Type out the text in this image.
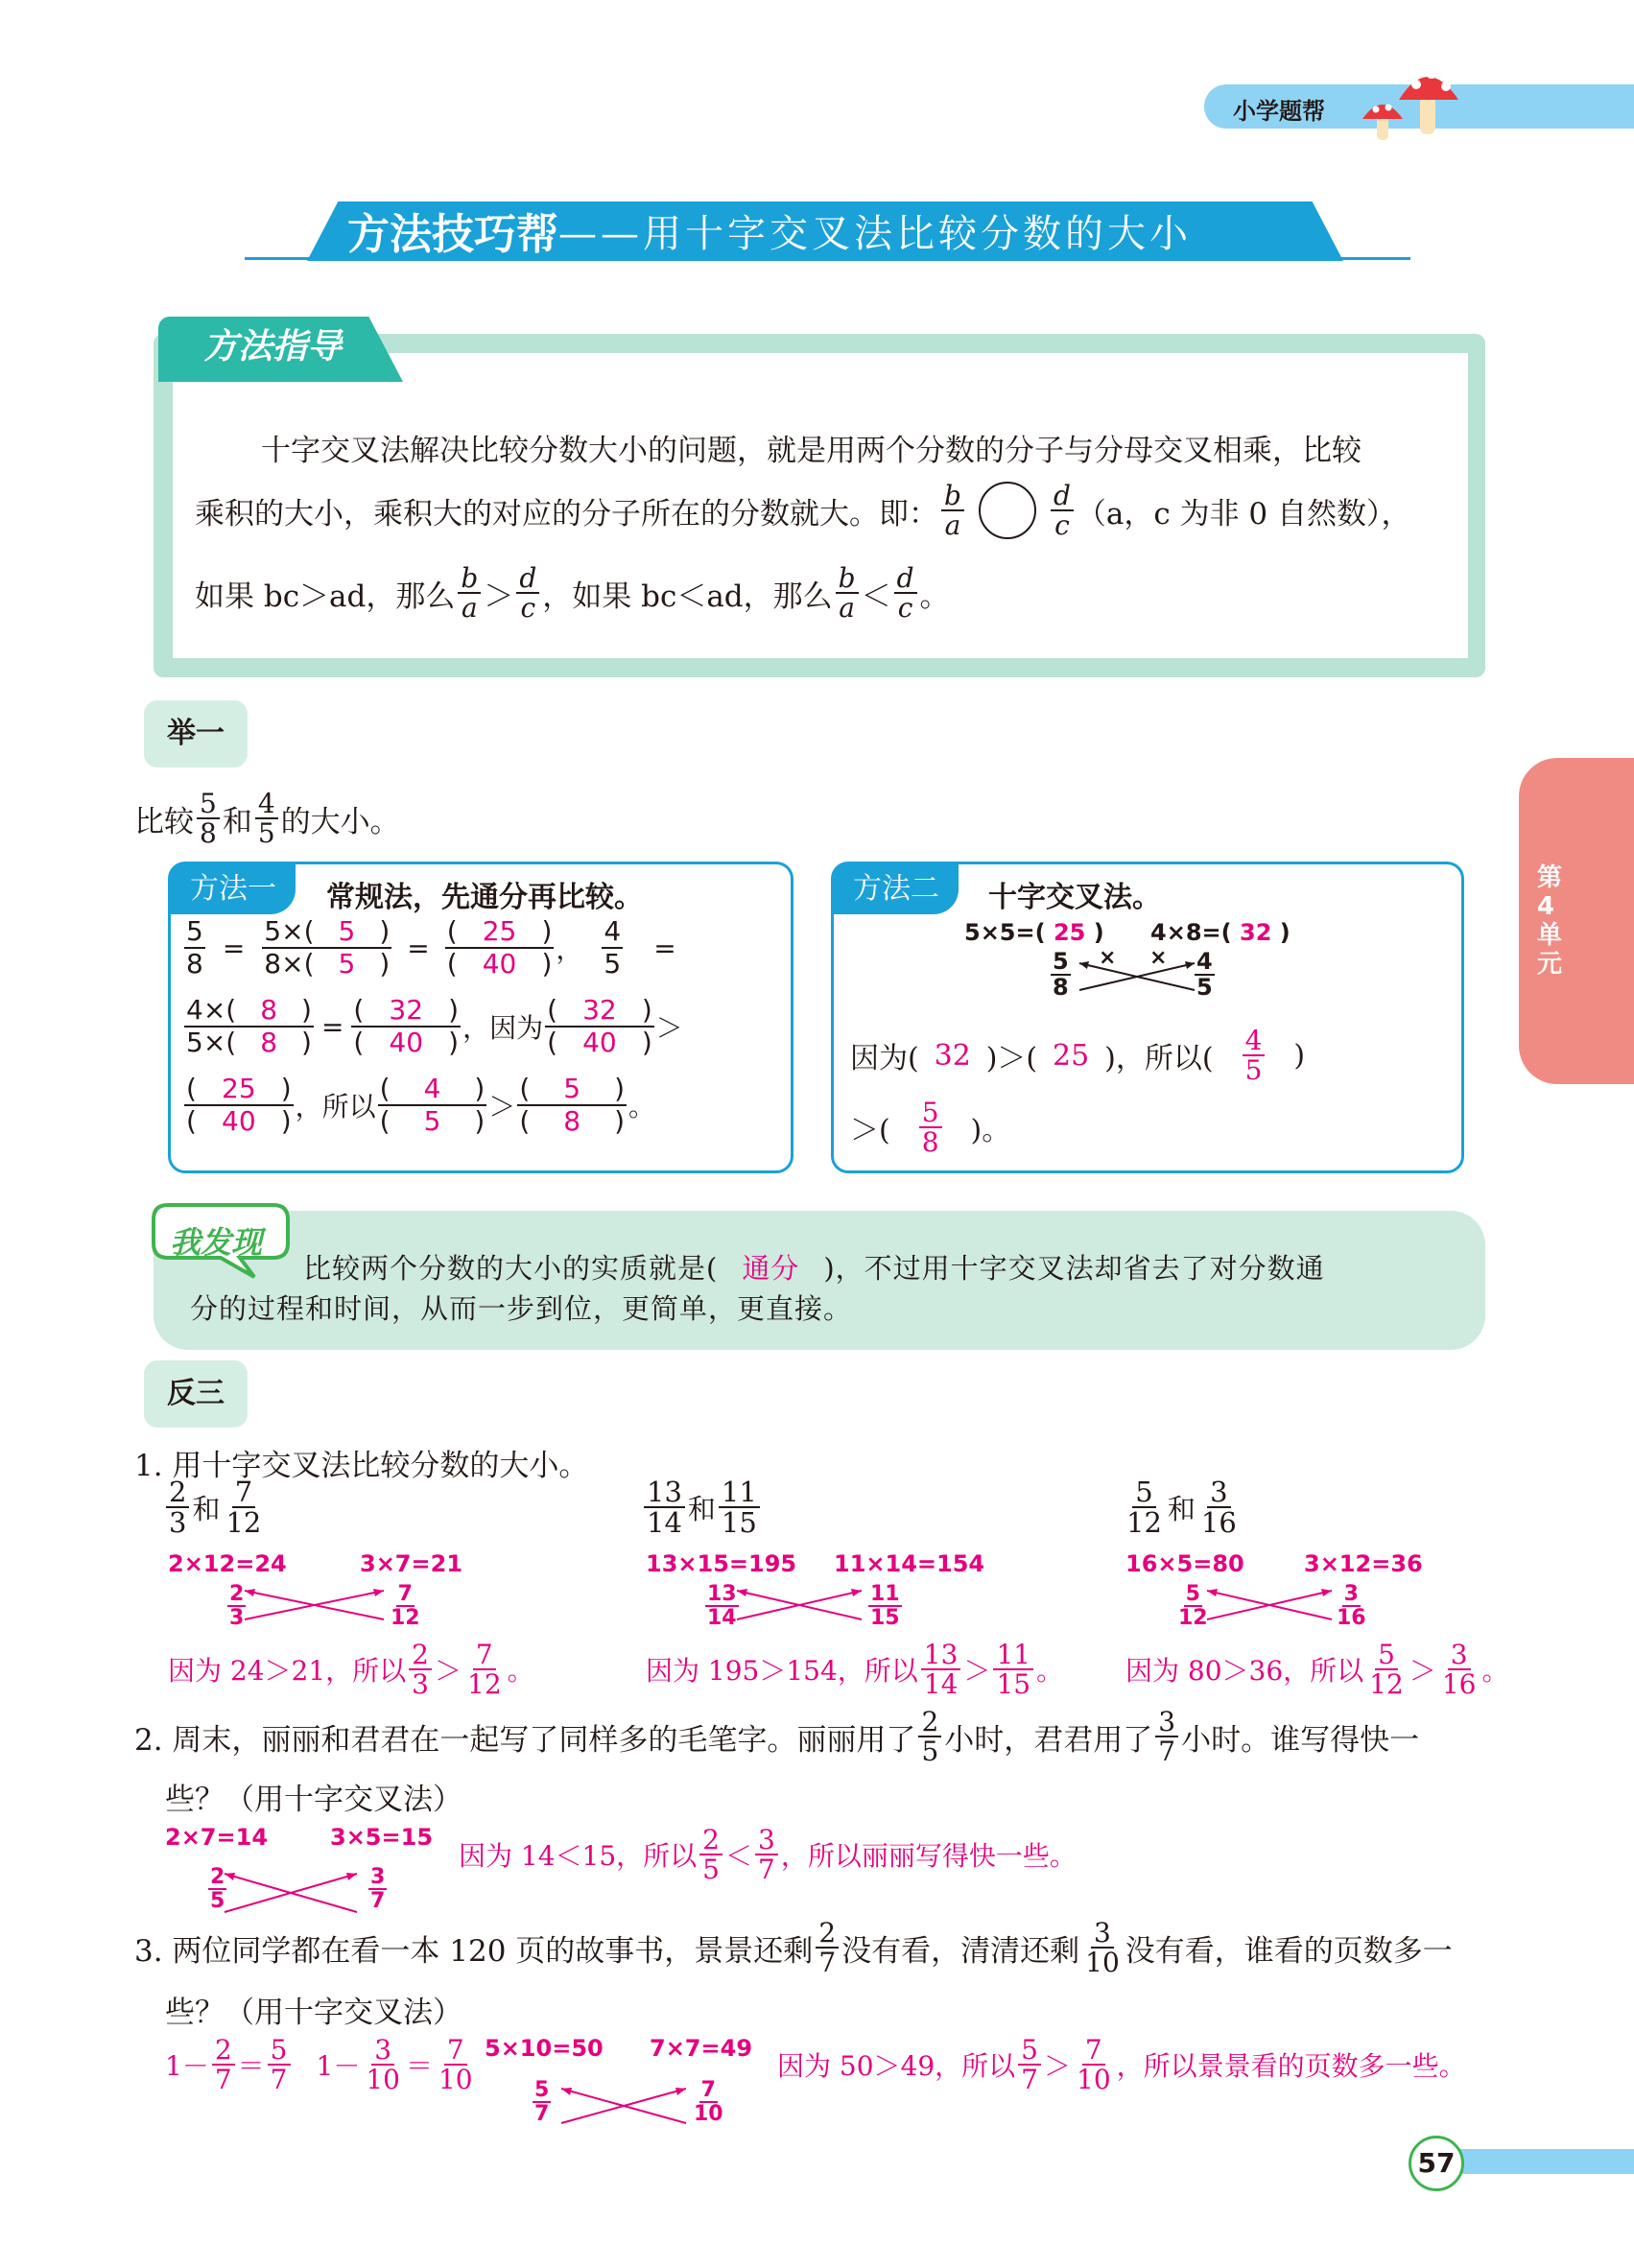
小学题帮
第4单元
方法技巧帮 ——用十字交叉法比较分数的大小
方法指导
十字交叉法解决比较分数大小的问题，就是用两个分数的分子与分母交叉相乘，比较
乘积的大小，乘积大的对应的分子所在的分数就大。即： $\frac{b}{a}$	$\frac{d}{c} (a$，c 为非 0 自然数），
如果 bc＞ad，那么 $\frac{b}{a} > \frac{d}{c}$ ，如果 bc＜ad，那么 $\frac{b}{a} < \frac{d}{c}$ 。
举一
比较 $\frac{5}{8}$ 和 $\frac{4}{5}$ 的大小。
方法一	常规法，先通分再比较。
$\frac{5}{8} = \frac{5\times( 5 )}{8\times( 5 )} = \frac{( 25 )}{( 40 )}$ ， $\frac{4}{5}$ =
$\frac{4\times( 8 )}{5\times( 8 )} = \frac{( 32 )}{( 40 )}$ ，因为
( 32 )
( 40 ) ＞
( 25 )
( 40 ) ，所以
( 4 )
( 5 ) ＞
( 5 )
( 8 ) 。
方法二	十字交叉法。
5×5=( 25 ) 4×8=( 32 )
× ×
5
8
4
5
因为( 32 )＞( 25 )，所以( $\frac{4}{5}$ )
＞( $\frac{5}{8}$ )。
我发现
比较两个分数的大小的实质就是( 通分 )，不过用十字交叉法却省去了对分数通
分的过程和时间，从而一步到位，更简单，更直接。
反三
1. 用十字交叉法比较分数的大小。
$\frac{2}{3}$ 和 $\frac{7}{12}$
2×12=24	3×7=21
2
3
7
12
因为 24＞21，所以 $\frac{2}{3} > \frac{7}{12}$ 。
$\frac{13}{14}$ 和 $\frac{11}{15}$
13×15=195 11×14=154
13
14
11
15
因为 195＞154，所以 $\frac{13}{14} > \frac{11}{15}$ 。
$\frac{5}{12}$ 和 $\frac{3}{16}$
16×5=80	3×12=36
5
12
3
16
因为 80＞36，所以 $\frac{5}{12} > \frac{3}{16}$ 。
2. 周末，丽丽和君君在一起写了同样多的毛笔字。丽丽用了 $\frac{2}{5}$ 小时，君君用了 $\frac{3}{7}$ 小时。谁写得快一
些？（用十字交叉法）
2×7=14	3×5=15
2
5
3
7
因为 14＜15，所以 $\frac{2}{5} < \frac{3}{7}$ ，所以丽丽写得快一些。
3. 两位同学都在看一本 120 页的故事书，景景还剩 $\frac{2}{7}$ 没有看，清清还剩 $\frac{3}{10}$ 没有看，谁看的页数多一
些？（用十字交叉法）
$1- \frac{2}{7} = \frac{5}{7} 1- \frac{3}{10} = \frac{7}{10} 5\times 10=50$ 7×7=49
5
7
7
10
因为 50＞49，所以 $\frac{5}{7} > \frac{7}{10}$ ，所以景景看的页数多一些。
57
